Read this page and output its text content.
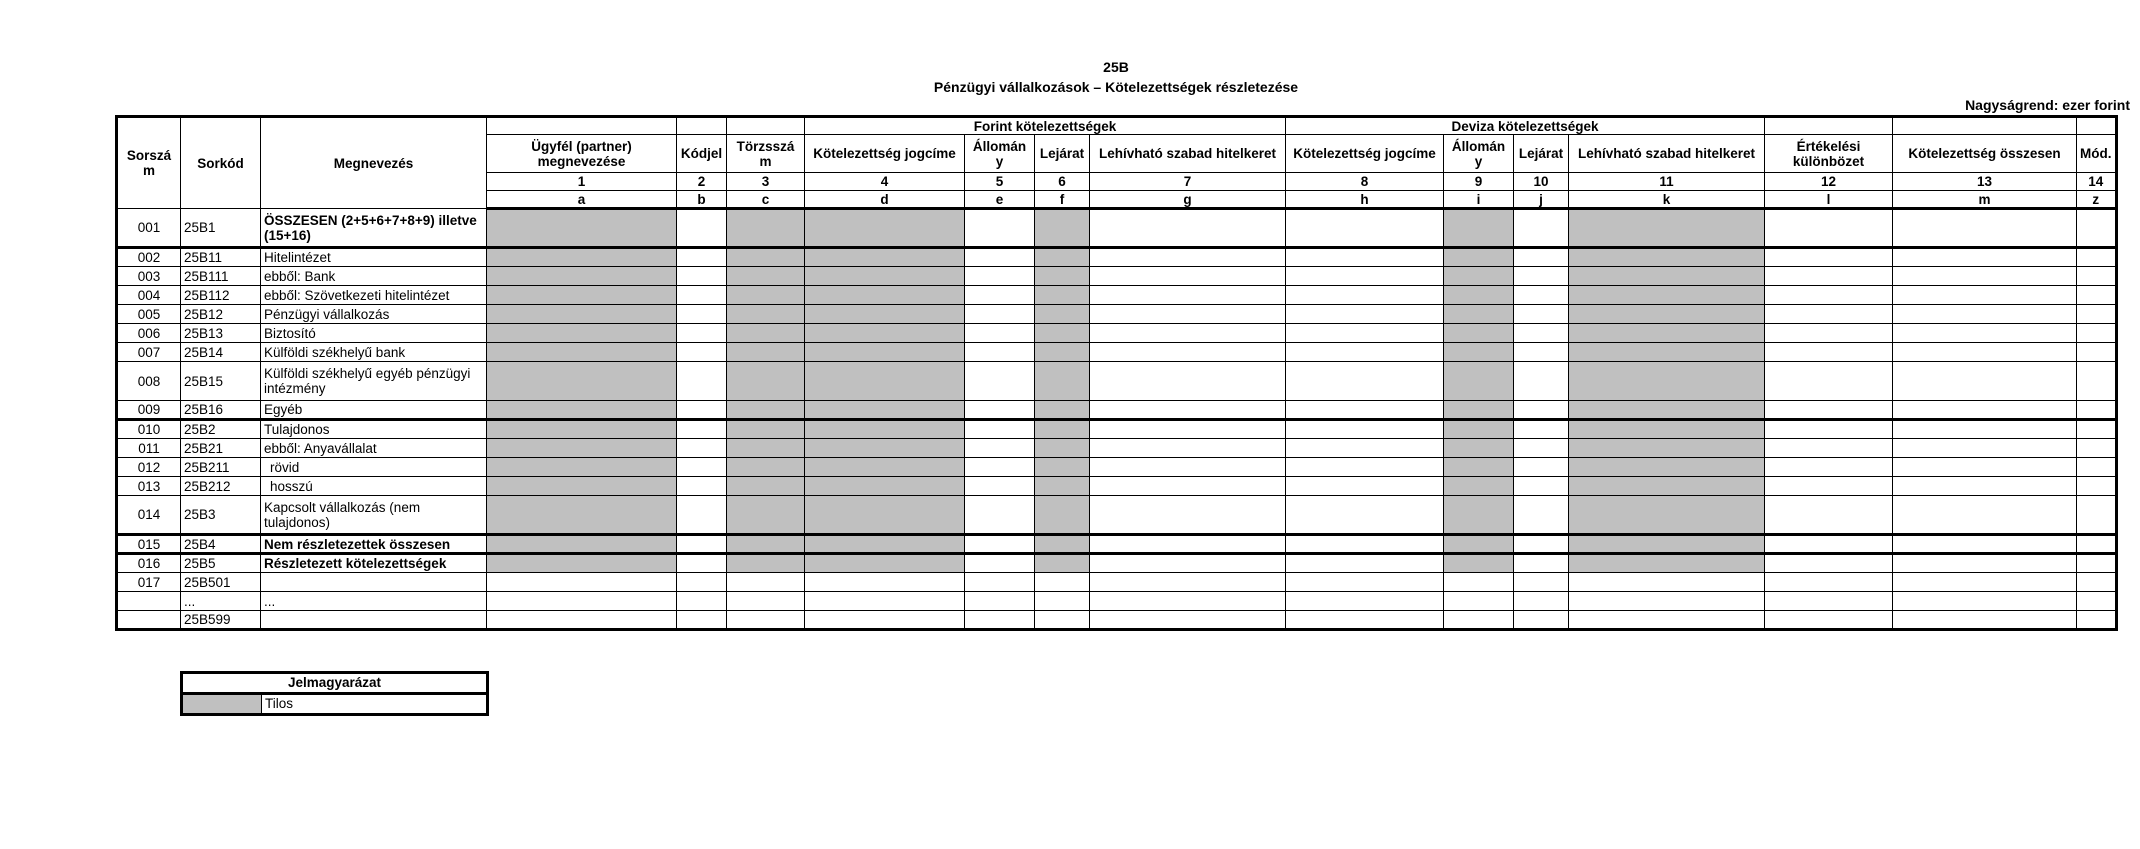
25B
Pénzügyi vállalkozások – Kötelezettségek részletezése
Nagyságrend: ezer forint
Sorszá m	Sorkód	Megnevezés				Forint kötelezettségek				Deviza kötelezettségek						
			Ügyfél (partner) megnevezése	Kódjel	Törzsszá m	Kötelezettség jogcíme	Állomán y	Lejárat	Lehívható szabad hitelkeret	Kötelezettség jogcíme	Állomán y	Lejárat	Lehívható szabad hitelkeret	Értékelési különbözet	Kötelezettség összesen	Mód.
			1	2	3	4	5	6	7	8	9	10	11	12	13	14
			a	b	c	d	e	f	g	h	i	j	k	l	m	z
001	25B1	ÖSSZESEN (2+5+6+7+8+9) illetve (15+16)														
002	25B11	Hitelintézet														
003	25B111	ebből: Bank														
004	25B112	ebből: Szövetkezeti hitelintézet														
005	25B12	Pénzügyi vállalkozás														
006	25B13	Biztosító														
007	25B14	Külföldi székhelyű bank														
008	25B15	Külföldi székhelyű egyéb pénzügyi intézmény														
009	25B16	Egyéb														
010	25B2	Tulajdonos														
011	25B21	ebből: Anyavállalat														
012	25B211	rövid														
013	25B212	hosszú														
014	25B3	Kapcsolt vállalkozás (nem tulajdonos)														
015	25B4	Nem részletezettek összesen														
016	25B5	Részletezett kötelezettségek														
017	25B501															
	...	...														
	25B599															
Jelmagyarázat
	Tilos
